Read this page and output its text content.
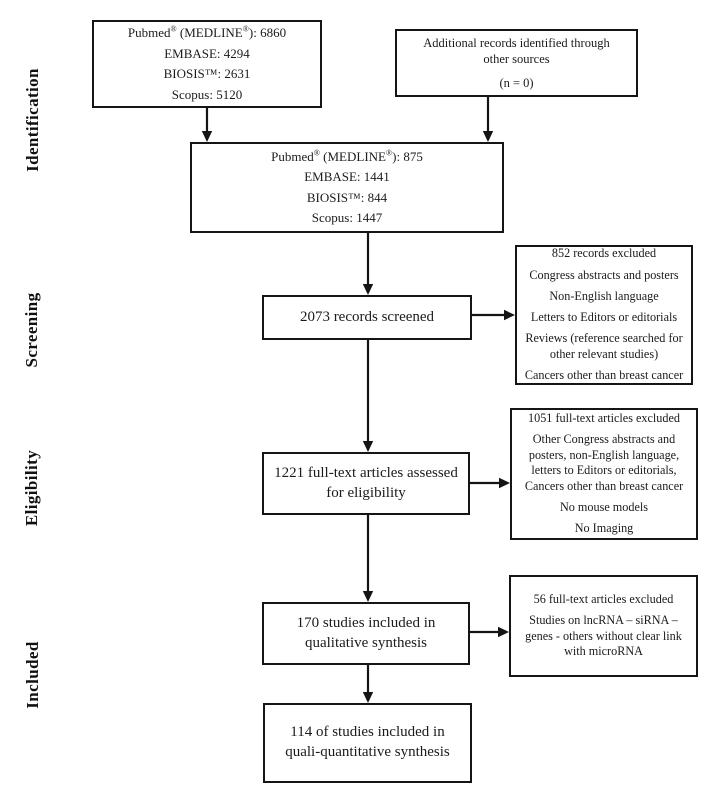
Identification
Screening
Eligibility
Included
Pubmed® (MEDLINE®): 6860
EMBASE: 4294
BIOSIS™: 2631
Scopus: 5120
Additional records identified through other sources
(n = 0)
Pubmed® (MEDLINE®): 875
EMBASE: 1441
BIOSIS™: 844
Scopus: 1447
2073 records screened
852 records excluded
Congress abstracts and posters
Non-English language
Letters to Editors or editorials
Reviews (reference searched for other relevant studies)
Cancers other than breast cancer
1221 full-text articles assessed for eligibility
1051 full-text articles excluded
Other Congress abstracts and posters, non-English language, letters to Editors or editorials, Cancers other than breast cancer
No mouse models
No Imaging
170 studies included in qualitative synthesis
56 full-text articles excluded
Studies on lncRNA – siRNA – genes - others without clear link with microRNA
114 of studies included in quali-quantitative synthesis
